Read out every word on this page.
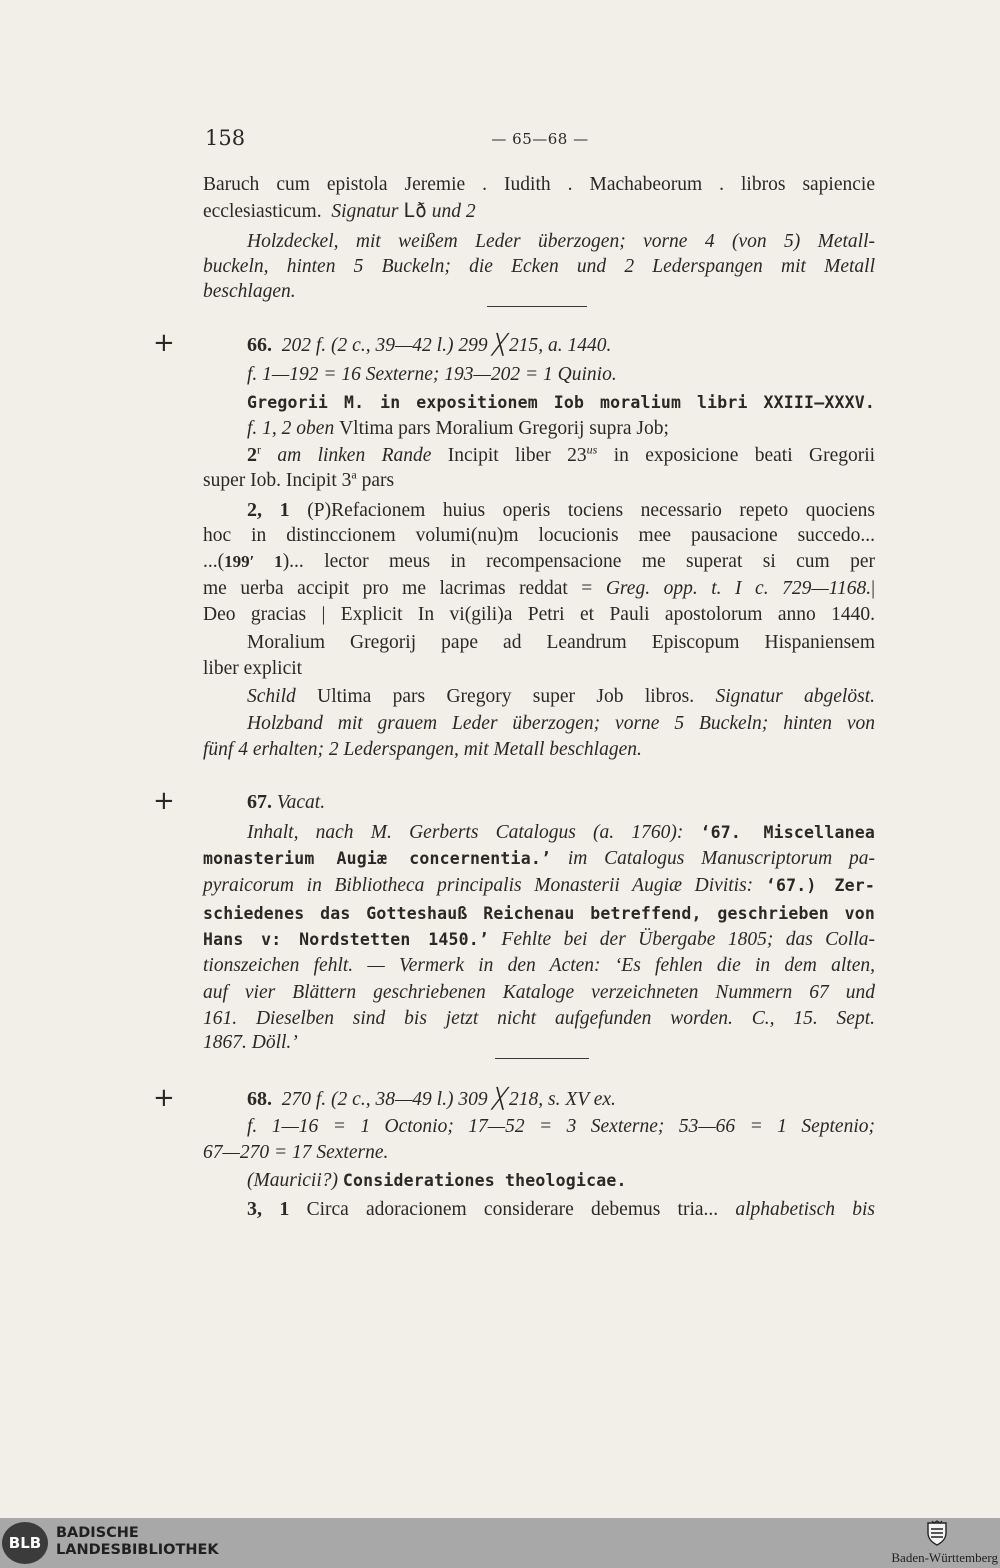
158	— 65—68 —
Baruch cum epistola Jeremie . Iudith . Machabeorum . libros sapiencie
ecclesiasticum. Signatur Lð und 2
Holzdeckel, mit weißem Leder überzogen; vorne 4 (von 5) Metall-
buckeln, hinten 5 Buckeln; die Ecken und 2 Lederspangen mit Metall
beschlagen.
+	66. 202 f. (2 c., 39—42 l.) 299 ╳ 215, a. 1440.
f. 1—192 = 16 Sexterne; 193—202 = 1 Quinio.
Gregorii M. in expositionem Iob moralium libri XXIII—XXXV.
f. 1, 2 oben Vltima pars Moralium Gregorij supra Job;
2$^r$ am linken Rande Incipit liber $23^{us}$ in exposicione beati Gregorii
super Iob. Incipit 3$^a$ pars
2, 1 (P)Refacionem huius operis tociens necessario repeto quociens
hoc in distinccionem volumi(nu)m locucionis mee pausacione succedo...
...(199′ 1)... lector meus in recompensacione me superat si cum per
me uerba accipit pro me lacrimas reddat = Greg. opp. t. I c. 729—1168.|
Deo gracias | Explicit In vi(gili)a Petri et Pauli apostolorum anno 1440.
Moralium Gregorij pape ad Leandrum Episcopum Hispaniensem
liber explicit
Schild Ultima pars Gregory super Job libros. Signatur abgelöst.
Holzband mit grauem Leder überzogen; vorne 5 Buckeln; hinten von
fünf 4 erhalten; 2 Lederspangen, mit Metall beschlagen.
+	67. Vacat.
Inhalt, nach M. Gerberts Catalogus (a. 1760): ‘67. Miscellanea
monasterium Augiæ concernentia.’ im Catalogus Manuscriptorum pa-
pyraicorum in Bibliotheca principalis Monasterii Augiæ Divitis: ‘67.) Zer-
schiedenes das Gotteshauß Reichenau betreffend, geschrieben von
Hans v: Nordstetten 1450.’ Fehlte bei der Übergabe 1805; das Colla-
tionszeichen fehlt. — Vermerk in den Acten: ‘Es fehlen die in dem alten,
auf vier Blättern geschriebenen Kataloge verzeichneten Nummern 67 und
161. Dieselben sind bis jetzt nicht aufgefunden worden. C., 15. Sept.
1867. Döll.’
+	68. 270 f. (2 c., 38—49 l.) 309 ╳ 218, s. XV ex.
f. 1—16 = 1 Octonio; 17—52 = 3 Sexterne; 53—66 = 1 Septenio;
67—270 = 17 Sexterne.
(Mauricii?) Considerationes theologicae.
3, 1 Circa adoracionem considerare debemus tria... alphabetisch bis
BLB
BADISCHE
LANDESBIBLIOTHEK	Baden-Württemberg
